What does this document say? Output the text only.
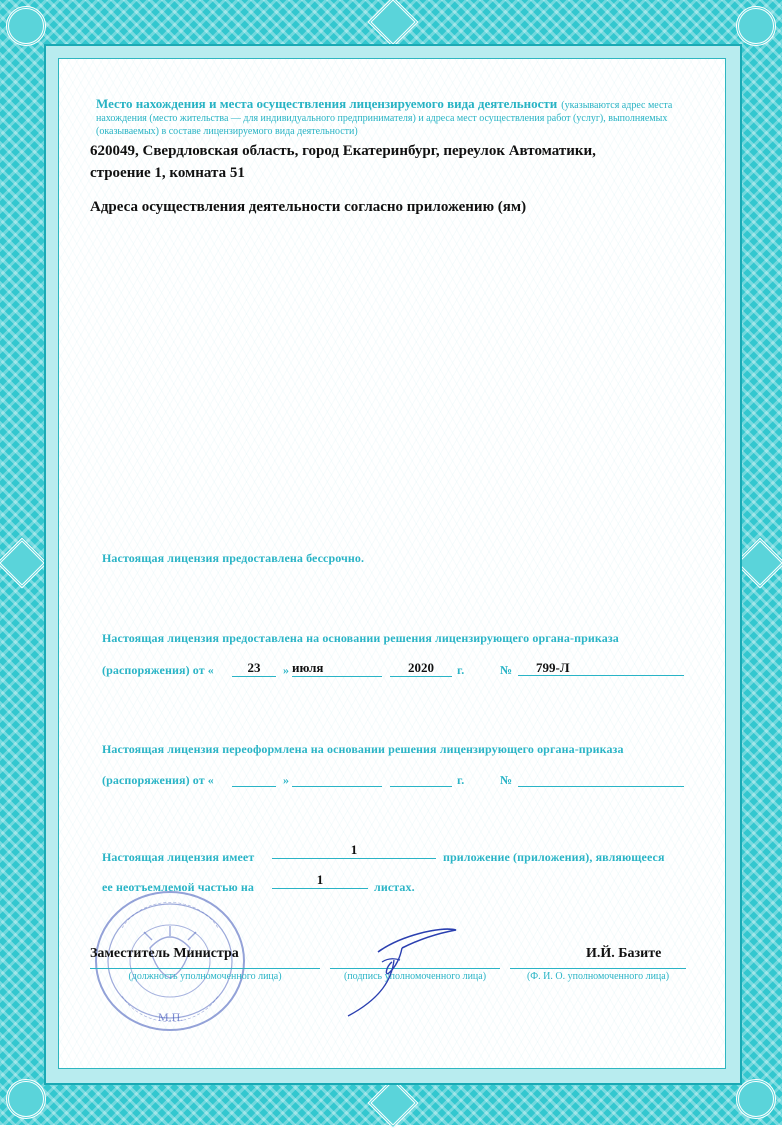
Место нахождения и места осуществления лицензируемого вида деятельности (указываются адрес места нахождения (место жительства — для индивидуального предпринимателя) и адреса мест осуществления работ (услуг), выполняемых (оказываемых) в составе лицензируемого вида деятельности)
620049, Свердловская область, город Екатеринбург, переулок Автоматики,
строение 1, комната 51
Адреса осуществления деятельности согласно приложению (ям)
Настоящая лицензия предоставлена бессрочно.
Настоящая лицензия предоставлена на основании решения лицензирующего органа-приказа
(распоряжения) от «	23	» июля	2020	г.	№	799-Л
Настоящая лицензия переоформлена на основании решения лицензирующего органа-приказа
(распоряжения) от «	»	г.	№
Настоящая лицензия имеет	1	приложение (приложения), являющееся
ее неотъемлемой частью на	1	листах.
М.П.
Заместитель Министра	И.Й. Базите
(должность уполномоченного лица)	(подпись уполномоченного лица)	(Ф. И. О. уполномоченного лица)
